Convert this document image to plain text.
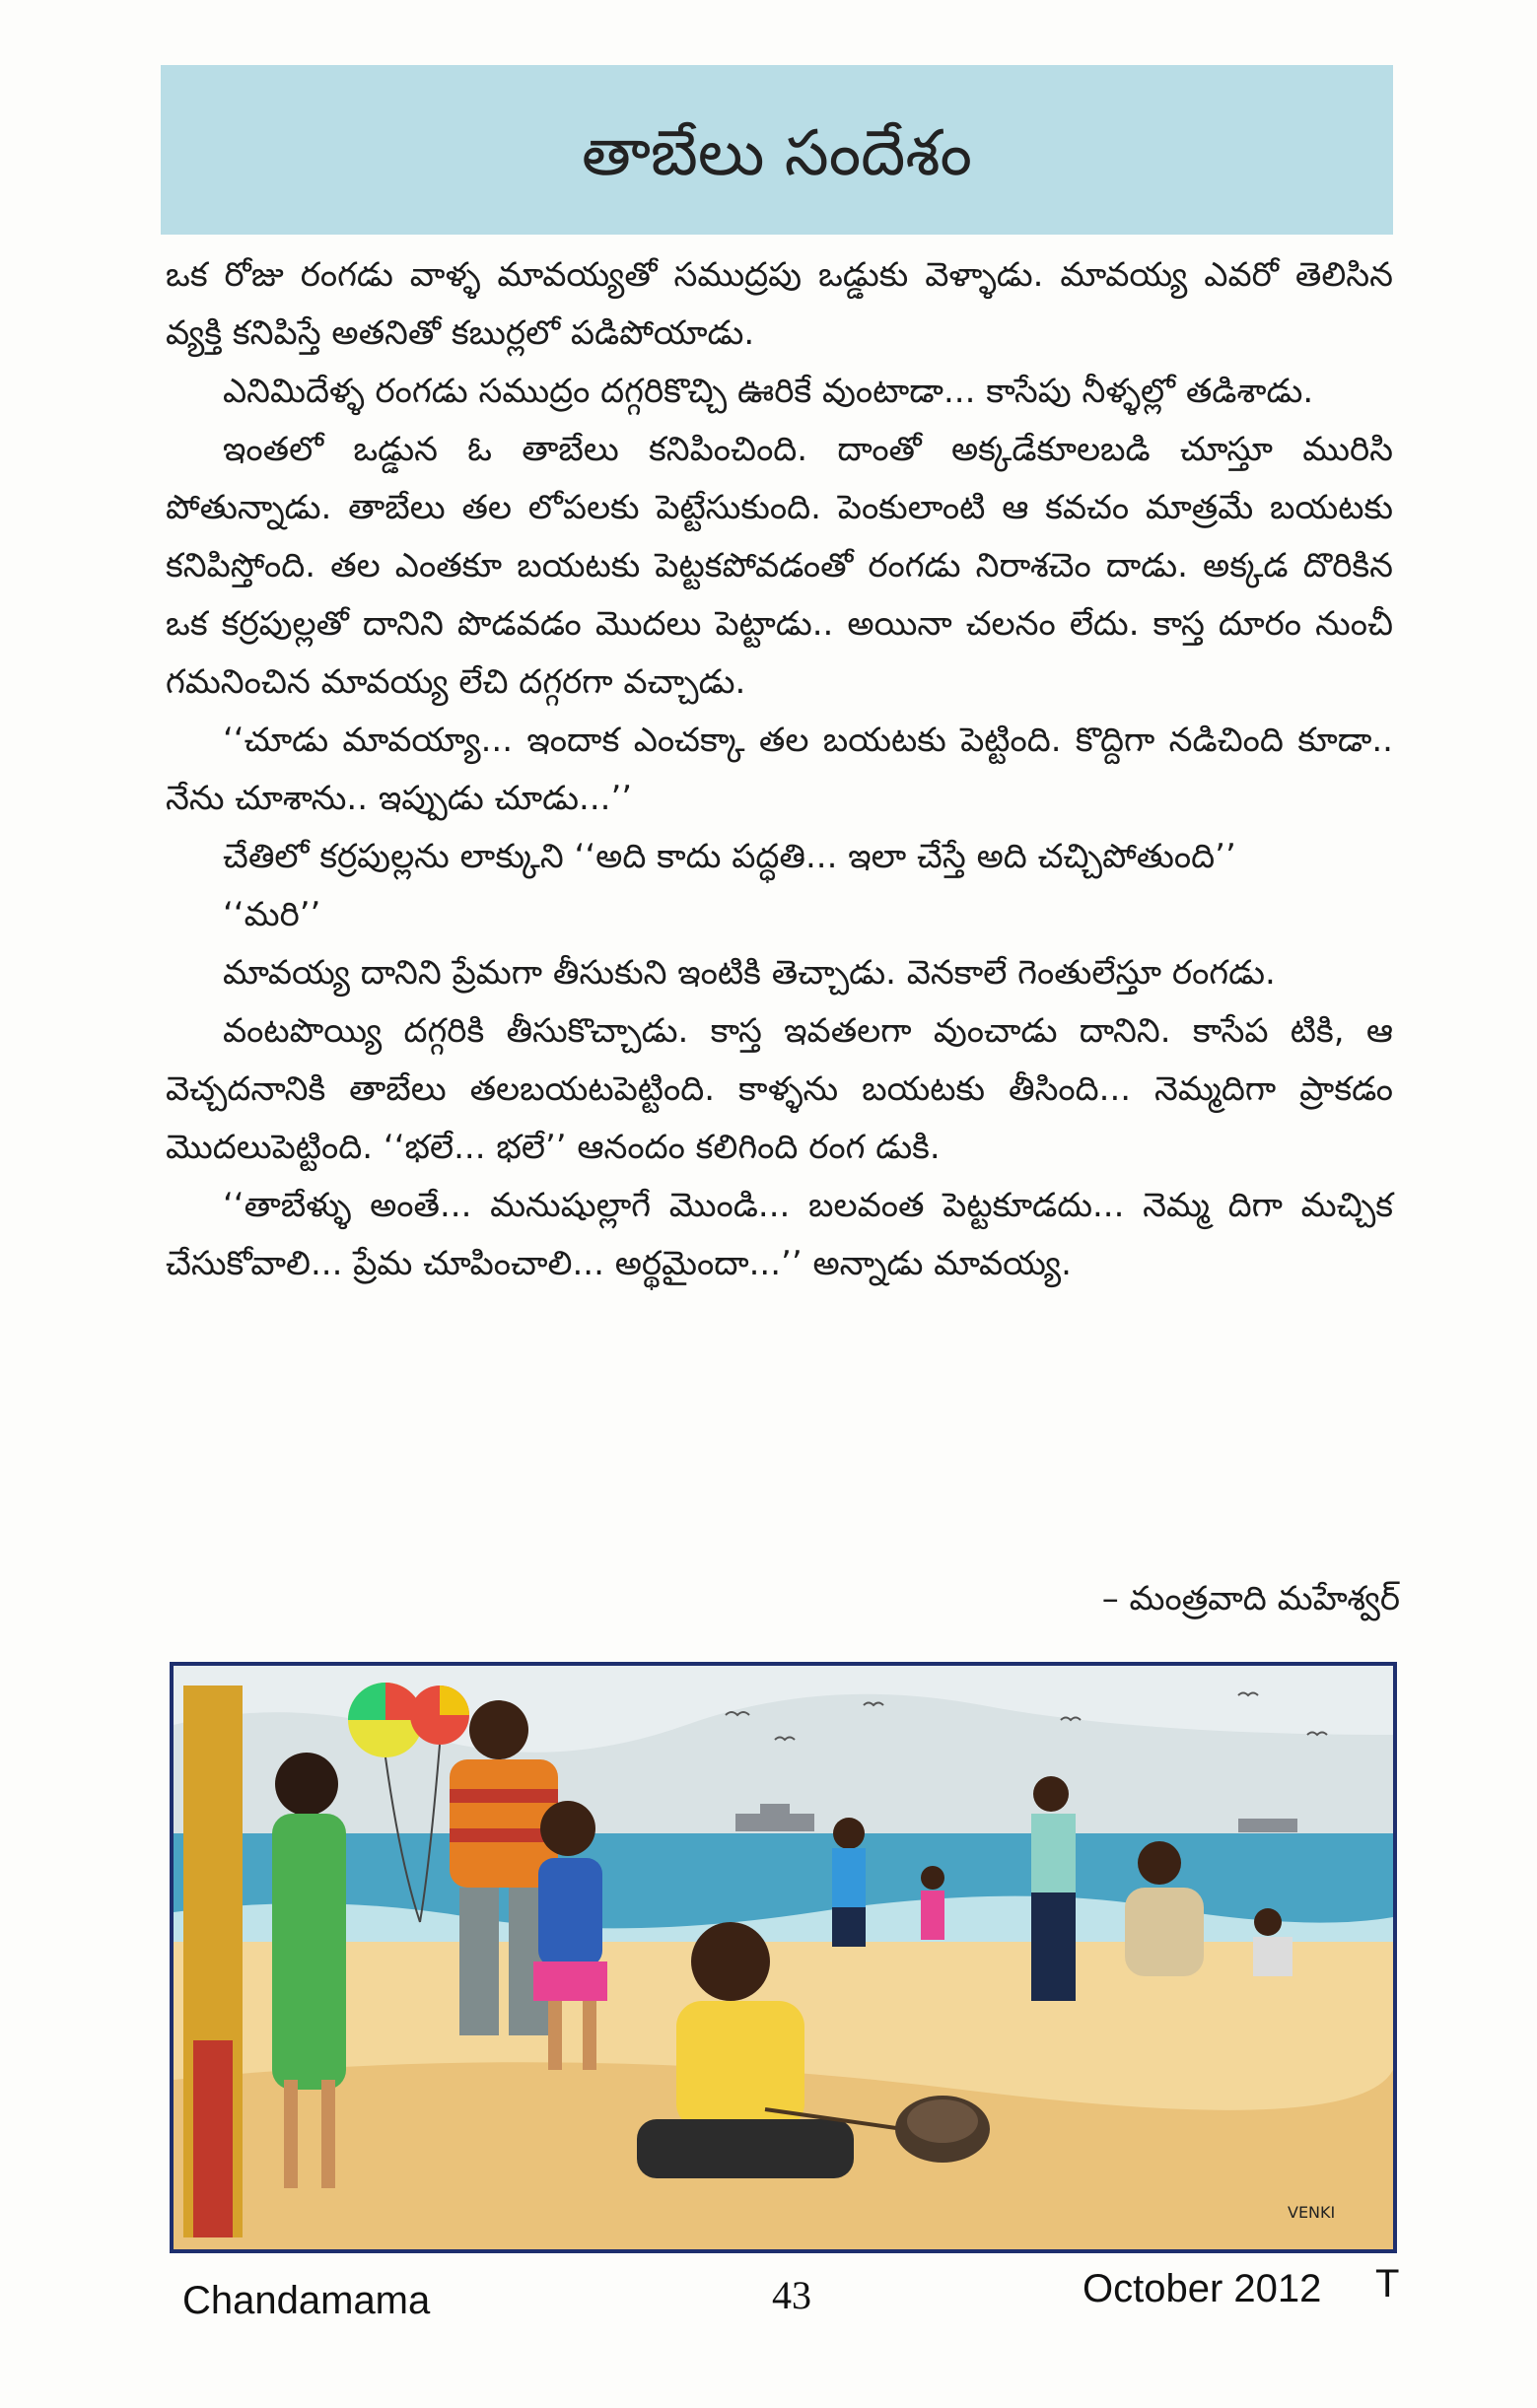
తాబేలు సందేశం

ఒక రోజు రంగడు వాళ్ళ మావయ్యతో సముద్రపు ఒడ్డుకు వెళ్ళాడు. మావయ్య ఎవరో తెలిసిన వ్యక్తి కనిపిస్తే అతనితో కబుర్లలో పడిపోయాడు.

ఎనిమిదేళ్ళ రంగడు సముద్రం దగ్గరికొచ్చి ఊరికే వుంటాడా... కాసేపు నీళ్ళల్లో తడిశాడు.

ఇంతలో ఒడ్డున ఓ తాబేలు కనిపించింది. దాంతో అక్కడేకూలబడి చూస్తూ మురిసి పోతున్నాడు. తాబేలు తల లోపలకు పెట్టేసుకుంది. పెంకులాంటి ఆ కవచం మాత్రమే బయటకు కనిపిస్తోంది. తల ఎంతకూ బయటకు పెట్టకపోవడంతో రంగడు నిరాశచెం దాడు. అక్కడ దొరికిన ఒక కర్రపుల్లతో దానిని పొడవడం మొదలు పెట్టాడు.. అయినా చలనం లేదు. కాస్త దూరం నుంచీ గమనించిన మావయ్య లేచి దగ్గరగా వచ్చాడు.

‘‘చూడు మావయ్యా... ఇందాక ఎంచక్కా తల బయటకు పెట్టింది. కొద్దిగా నడిచింది కూడా.. నేను చూశాను.. ఇప్పుడు చూడు...’’

చేతిలో కర్రపుల్లను లాక్కుని ‘‘అది కాదు పద్ధతి... ఇలా చేస్తే అది చచ్చిపోతుంది’’

‘‘మరి’’

మావయ్య దానిని ప్రేమగా తీసుకుని ఇంటికి తెచ్చాడు. వెనకాలే గెంతులేస్తూ రంగడు.

వంటపొయ్యి దగ్గరికి తీసుకొచ్చాడు. కాస్త ఇవతలగా వుంచాడు దానిని. కాసేప టికి, ఆ వెచ్చదనానికి తాబేలు తలబయటపెట్టింది. కాళ్ళను బయటకు తీసింది... నెమ్మదిగా ప్రాకడం మొదలుపెట్టింది. ‘‘భలే... భలే’’ ఆనందం కలిగింది రంగ డుకి.

‘‘తాబేళ్ళు అంతే... మనుషుల్లాగే మొండి... బలవంత పెట్టకూడదు... నెమ్మ దిగా మచ్చిక చేసుకోవాలి... ప్రేమ చూపించాలి... అర్థమైందా...’’ అన్నాడు మావయ్య.

– మంత్రవాది మహేశ్వర్
VENKI
Chandamama	43	October 2012 T
